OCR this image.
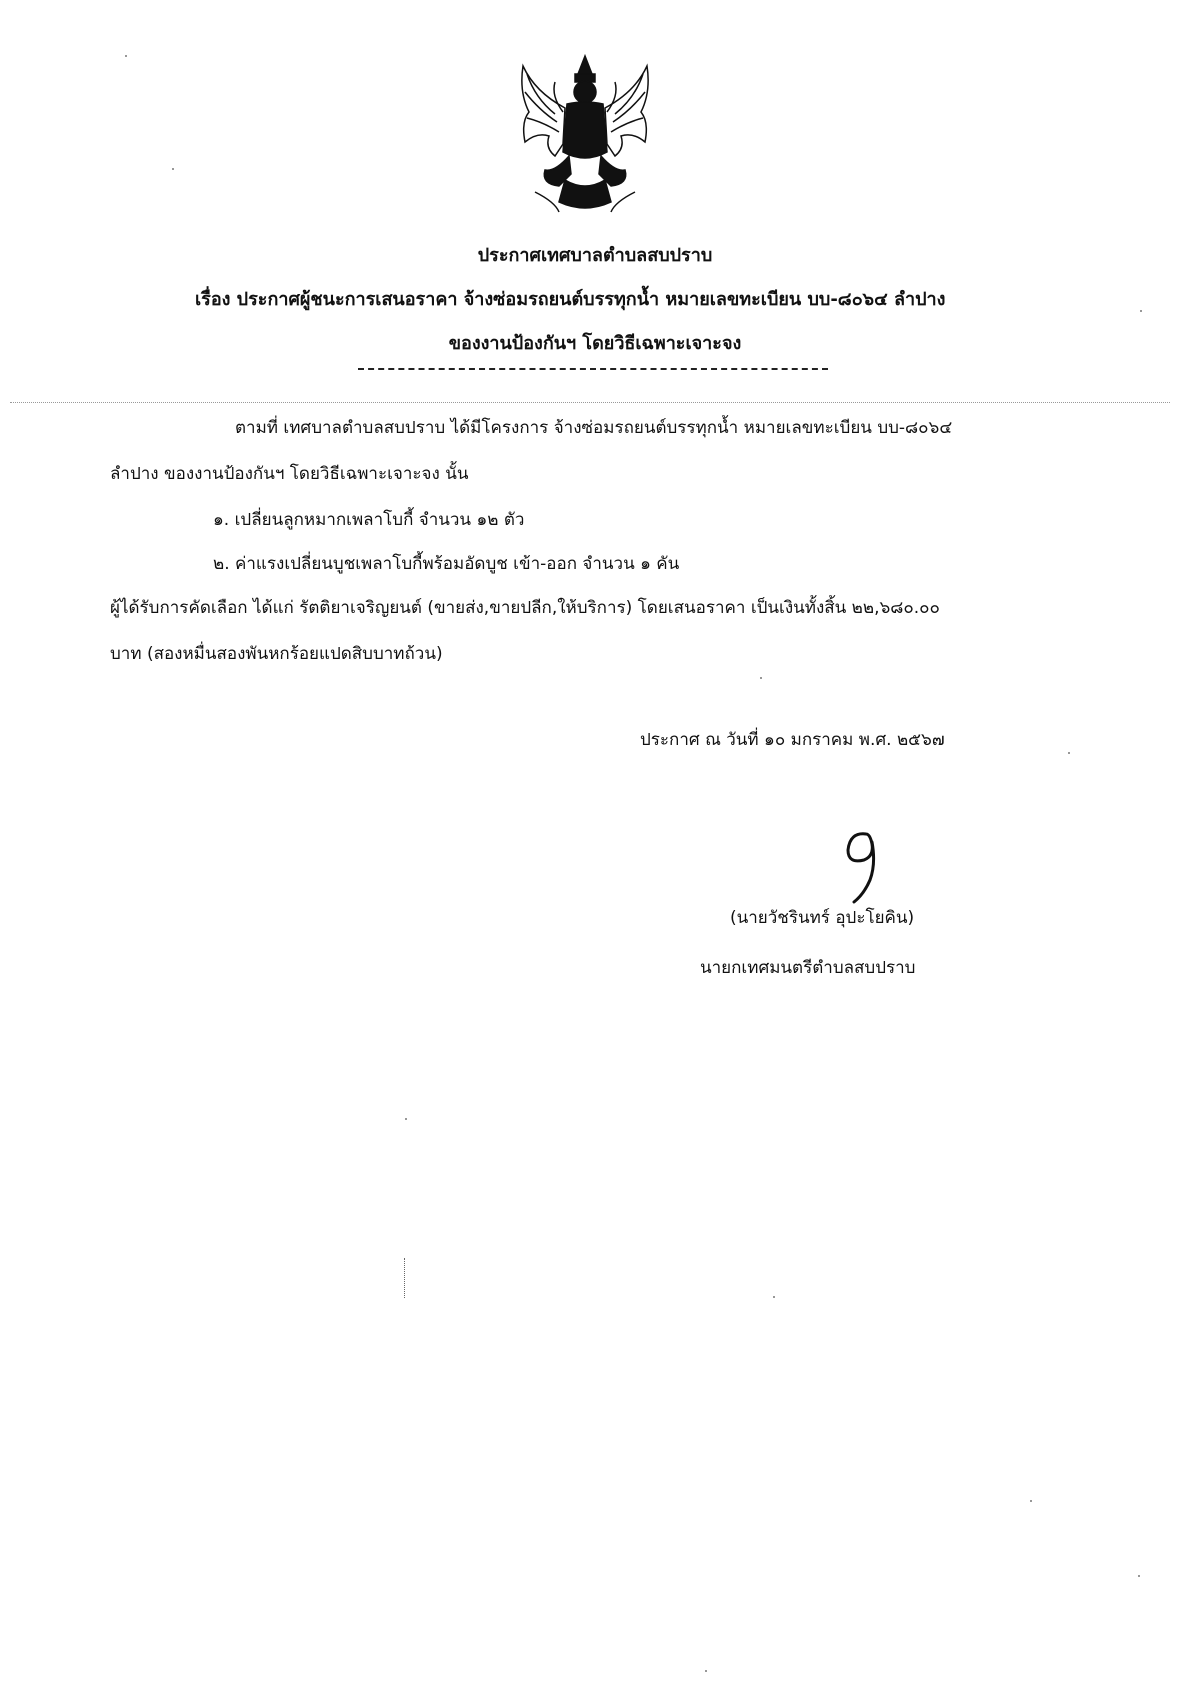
ประกาศเทศบาลตำบลสบปราบ
เรื่อง ประกาศผู้ชนะการเสนอราคา จ้างซ่อมรถยนต์บรรทุกน้ำ หมายเลขทะเบียน บบ-๘๐๖๔ ลำปาง
ของงานป้องกันฯ โดยวิธีเฉพาะเจาะจง
ตามที่ เทศบาลตำบลสบปราบ ได้มีโครงการ จ้างซ่อมรถยนต์บรรทุกน้ำ หมายเลขทะเบียน บบ-๘๐๖๔
ลำปาง ของงานป้องกันฯ โดยวิธีเฉพาะเจาะจง นั้น
๑. เปลี่ยนลูกหมากเพลาโบกี้ จำนวน ๑๒ ตัว
๒. ค่าแรงเปลี่ยนบูชเพลาโบกี้พร้อมอัดบูช เข้า-ออก จำนวน ๑ คัน
ผู้ได้รับการคัดเลือก ได้แก่ รัตติยาเจริญยนต์ (ขายส่ง,ขายปลีก,ให้บริการ) โดยเสนอราคา เป็นเงินทั้งสิ้น ๒๒,๖๘๐.๐๐
บาท (สองหมื่นสองพันหกร้อยแปดสิบบาทถ้วน)
ประกาศ ณ วันที่ ๑๐ มกราคม พ.ศ. ๒๕๖๗
(นายวัชรินทร์ อุปะโยคิน)
นายกเทศมนตรีตำบลสบปราบ
